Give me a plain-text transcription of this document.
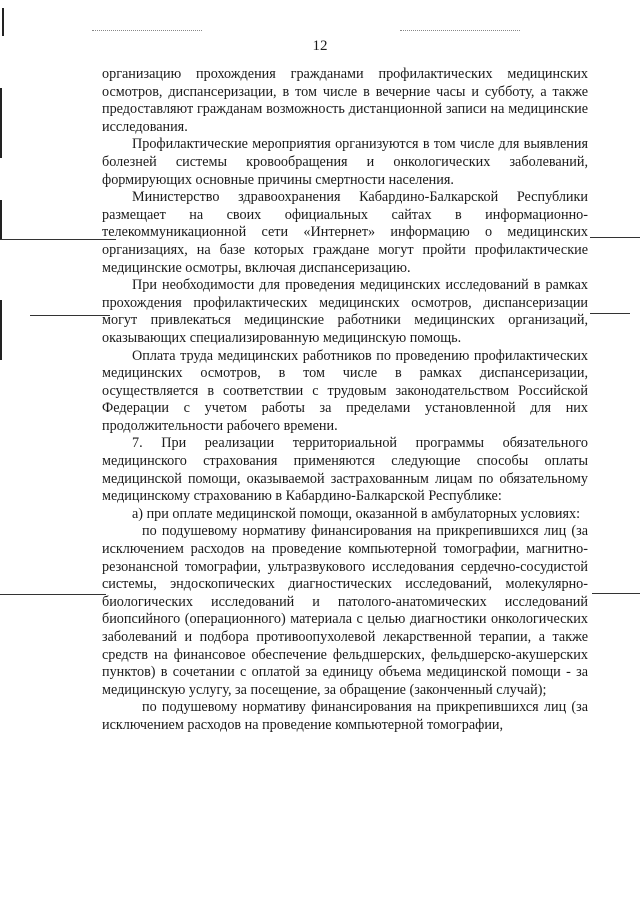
12

организацию прохождения гражданами профилактических медицинских осмотров, диспансеризации, в том числе в вечерние часы и субботу, а также предоставляют гражданам возможность дистанционной записи на медицинские исследования.

Профилактические мероприятия организуются в том числе для выявления болезней системы кровообращения и онкологических заболеваний, формирующих основные причины смертности населения.

Министерство здравоохранения Кабардино-Балкарской Республики размещает на своих официальных сайтах в информационно-телекоммуникационной сети «Интернет» информацию о медицинских организациях, на базе которых граждане могут пройти профилактические медицинские осмотры, включая диспансеризацию.

При необходимости для проведения медицинских исследований в рамках прохождения профилактических медицинских осмотров, диспансеризации могут привлекаться медицинские работники медицинских организаций, оказывающих специализированную медицинскую помощь.

Оплата труда медицинских работников по проведению профилактических медицинских осмотров, в том числе в рамках диспансеризации, осуществляется в соответствии с трудовым законодательством Российской Федерации с учетом работы за пределами установленной для них продолжительности рабочего времени.

7. При реализации территориальной программы обязательного медицинского страхования применяются следующие способы оплаты медицинской помощи, оказываемой застрахованным лицам по обязательному медицинскому страхованию в Кабардино-Балкарской Республике:

а) при оплате медицинской помощи, оказанной в амбулаторных условиях:

по подушевому нормативу финансирования на прикрепившихся лиц (за исключением расходов на проведение компьютерной томографии, магнитно-резонансной томографии, ультразвукового исследования сердечно-сосудистой системы, эндоскопических диагностических исследований, молекулярно-биологических исследований и патолого-анатомических исследований биопсийного (операционного) материала с целью диагностики онкологических заболеваний и подбора противоопухолевой лекарственной терапии, а также средств на финансовое обеспечение фельдшерских, фельдшерско-акушерских пунктов) в сочетании с оплатой за единицу объема медицинской помощи - за медицинскую услугу, за посещение, за обращение (законченный случай);

по подушевому нормативу финансирования на прикрепившихся лиц (за исключением расходов на проведение компьютерной томографии,
